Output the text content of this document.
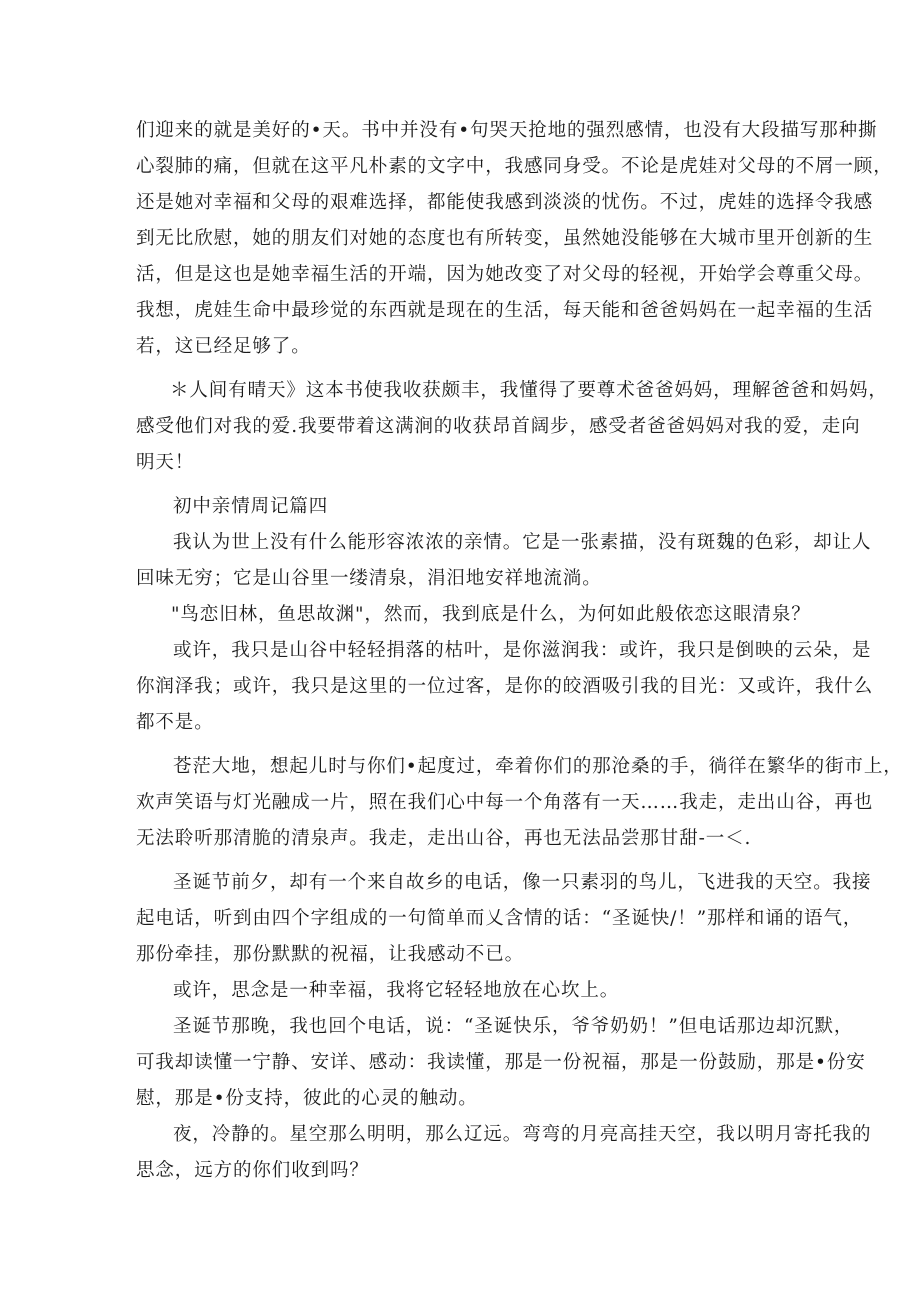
们迎来的就是美好的•天。书中并没有•句哭天抢地的强烈感情，也没有大段描写那种撕
心裂肺的痛，但就在这平凡朴素的文字中，我感同身受。不论是虎娃对父母的不屑一顾，
还是她对幸福和父母的艰难选择，都能使我感到淡淡的忧伤。不过，虎娃的选择令我感
到无比欣慰，她的朋友们对她的态度也有所转变，虽然她没能够在大城市里开创新的生
活，但是这也是她幸福生活的开端，因为她改变了对父母的轻视，开始学会尊重父母。
我想，虎娃生命中最珍觉的东西就是现在的生活，每天能和爸爸妈妈在一起幸福的生活
若，这已经足够了。
＊人间有晴天》这本书使我收获颇丰，我懂得了要尊术爸爸妈妈，理解爸爸和妈妈，
感受他们对我的爱.我要带着这满涧的收获昂首阔步，感受者爸爸妈妈对我的爱，走向
明天！
初中亲情周记篇四
我认为世上没有什么能形容浓浓的亲情。它是一张素描，没有斑魏的色彩，却让人
回味无穷；它是山谷里一缕清泉，涓汨地安祥地流淌。
"鸟恋旧林，鱼思故渊"，然而，我到底是什么，为何如此般依恋这眼清泉？
或许，我只是山谷中轻轻捐落的枯叶，是你滋润我：或许，我只是倒映的云朵，是
你润泽我；或许，我只是这里的一位过客，是你的皎酒吸引我的目光：又或许，我什么
都不是。
苍茫大地，想起儿时与你们•起度过，牵着你们的那沧桑的手，徜徉在繁华的街市上，
欢声笑语与灯光融成一片，照在我们心中每一个角落有一天……我走，走出山谷，再也
无法聆听那清脆的清泉声。我走，走出山谷，再也无法品尝那甘甜-一＜.
圣诞节前夕，却有一个来自故乡的电话，像一只素羽的鸟儿，飞进我的天空。我接
起电话，听到由四个字组成的一句简单而乂含情的话：“圣诞快/！”那样和诵的语气，
那份牵挂，那份默默的祝福，让我感动不已。
或许，思念是一种幸福，我将它轻轻地放在心坎上。
圣诞节那晚，我也回个电话，说：“圣诞快乐，爷爷奶奶！”但电话那边却沉默，
可我却读懂一宁静、安详、感动：我读懂，那是一份祝福，那是一份鼓励，那是•份安
慰，那是•份支持，彼此的心灵的触动。
夜，冷静的。星空那么明明，那么辽远。弯弯的月亮高挂天空，我以明月寄托我的
思念，远方的你们收到吗？
